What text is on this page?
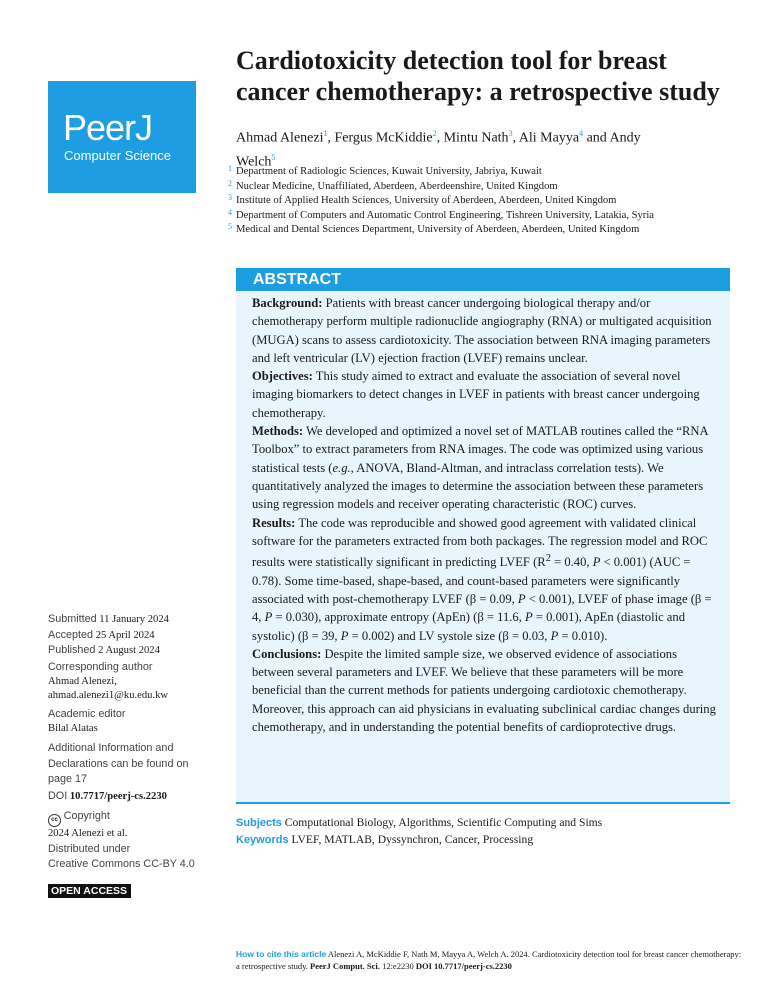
PeerJ
Computer Science
Cardiotoxicity detection tool for breast cancer chemotherapy: a retrospective study
Ahmad Alenezi$^1$, Fergus McKiddie$^2$, Mintu Nath$^3$, Ali Mayya$^4$ and Andy Welch$^5$
1 Department of Radiologic Sciences, Kuwait University, Jabriya, Kuwait
2 Nuclear Medicine, Unaffiliated, Aberdeen, Aberdeenshire, United Kingdom
3 Institute of Applied Health Sciences, University of Aberdeen, Aberdeen, United Kingdom
4 Department of Computers and Automatic Control Engineering, Tishreen University, Latakia, Syria
5 Medical and Dental Sciences Department, University of Aberdeen, Aberdeen, United Kingdom
ABSTRACT

Background: Patients with breast cancer undergoing biological therapy and/or chemotherapy perform multiple radionuclide angiography (RNA) or multigated acquisition (MUGA) scans to assess cardiotoxicity. The association between RNA imaging parameters and left ventricular (LV) ejection fraction (LVEF) remains unclear.

Objectives: This study aimed to extract and evaluate the association of several novel imaging biomarkers to detect changes in LVEF in patients with breast cancer undergoing chemotherapy.

Methods: We developed and optimized a novel set of MATLAB routines called the “RNA Toolbox” to extract parameters from RNA images. The code was optimized using various statistical tests (e.g., ANOVA, Bland-Altman, and intraclass correlation tests). We quantitatively analyzed the images to determine the association between these parameters using regression models and receiver operating characteristic (ROC) curves.

Results: The code was reproducible and showed good agreement with validated clinical software for the parameters extracted from both packages. The regression model and ROC results were statistically significant in predicting LVEF ($R^2 = 0.40$, P < 0.001) (AUC = 0.78). Some time-based, shape-based, and count-based parameters were significantly associated with post-chemotherapy LVEF (β = 0.09, P < 0.001), LVEF of phase image (β = 4, P = 0.030), approximate entropy (ApEn) (β = 11.6, P = 0.001), ApEn (diastolic and systolic) (β = 39, P = 0.002) and LV systole size (β = 0.03, P = 0.010).

Conclusions: Despite the limited sample size, we observed evidence of associations between several parameters and LVEF. We believe that these parameters will be more beneficial than the current methods for patients undergoing cardiotoxic chemotherapy. Moreover, this approach can aid physicians in evaluating subclinical cardiac changes during chemotherapy, and in understanding the potential benefits of cardioprotective drugs.

Subjects Computational Biology, Algorithms, Scientific Computing and Sims
Keywords LVEF, MATLAB, Dyssynchron, Cancer, Processing
Submitted 11 January 2024
Accepted 25 April 2024
Published 2 August 2024
Corresponding author
Ahmad Alenezi,
ahmad.alenezi1@ku.edu.kw
Academic editor
Bilal Alatas
Additional Information and Declarations can be found on page 17
DOI 10.7717/peerj-cs.2230
cc Copyright
2024 Alenezi et al.
Distributed under
Creative Commons CC-BY 4.0
OPEN ACCESS
How to cite this article Alenezi A, McKiddie F, Nath M, Mayya A, Welch A. 2024. Cardiotoxicity detection tool for breast cancer chemotherapy: a retrospective study. PeerJ Comput. Sci. 12:e2230 DOI 10.7717/peerj-cs.2230
